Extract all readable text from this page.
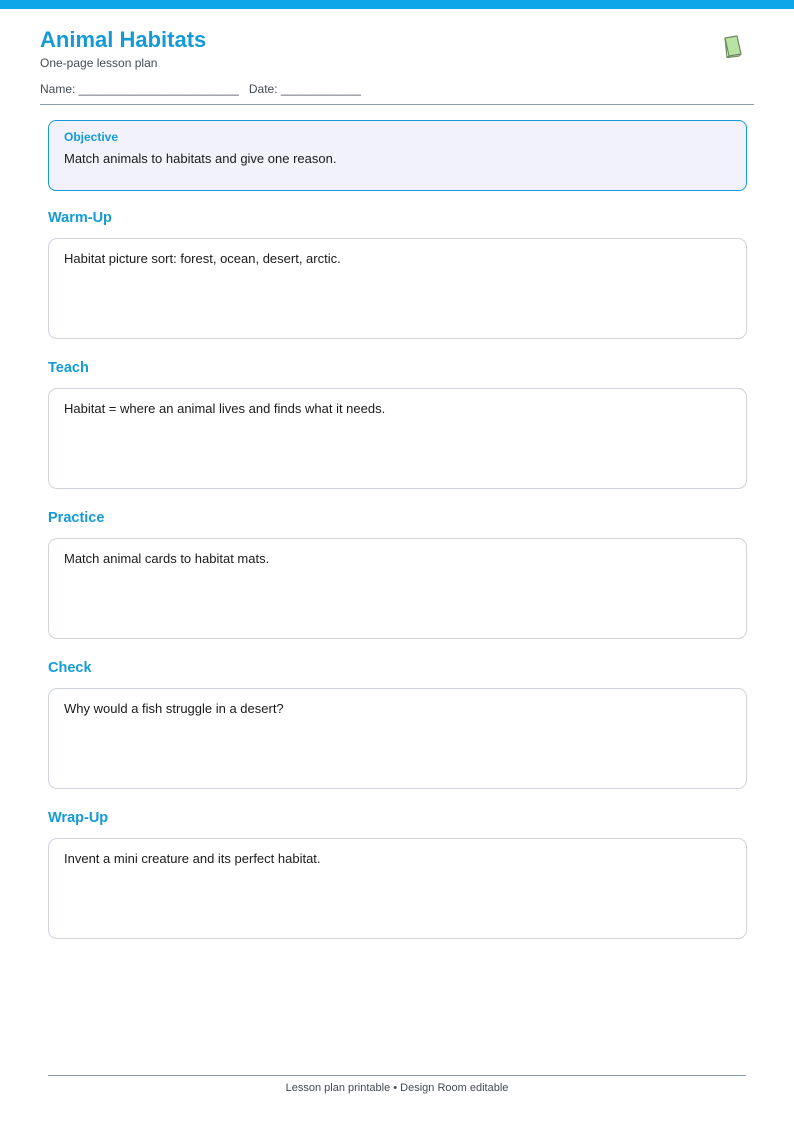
Animal Habitats
One-page lesson plan
Name: ________________________ Date: ____________
Objective
Match animals to habitats and give one reason.
Warm-Up
Habitat picture sort: forest, ocean, desert, arctic.
Teach
Habitat = where an animal lives and finds what it needs.
Practice
Match animal cards to habitat mats.
Check
Why would a fish struggle in a desert?
Wrap-Up
Invent a mini creature and its perfect habitat.
Lesson plan printable • Design Room editable
